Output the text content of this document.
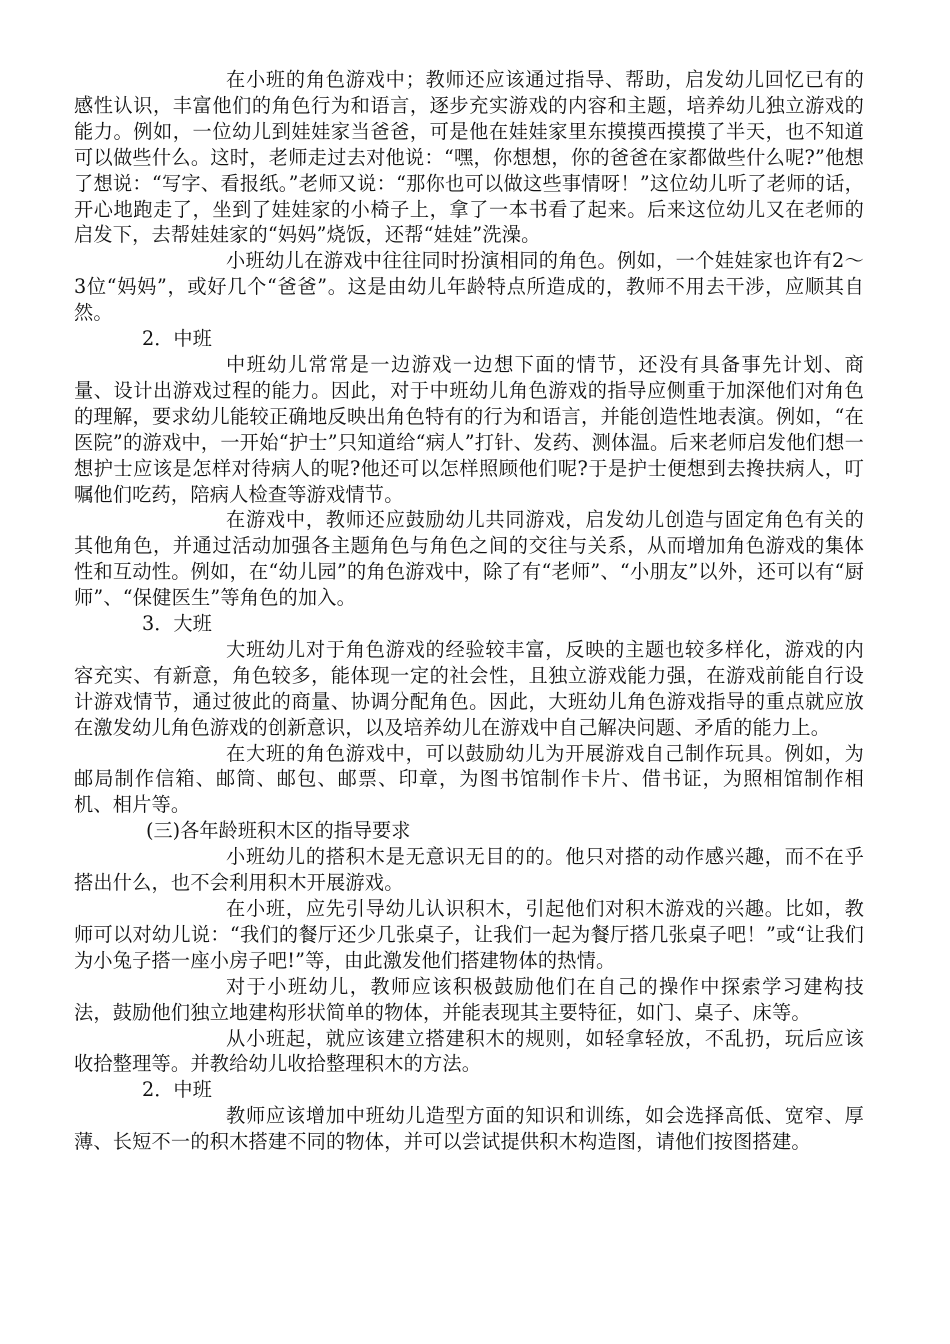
在小班的角色游戏中；教师还应该通过指导、帮助，启发幼儿回忆已有的感性认识，丰富他们的角色行为和语言，逐步充实游戏的内容和主题，培养幼儿独立游戏的能力。例如，一位幼儿到娃娃家当爸爸，可是他在娃娃家里东摸摸西摸摸了半天，也不知道可以做些什么。这时，老师走过去对他说：“嘿，你想想，你的爸爸在家都做些什么呢?”他想了想说：“写字、看报纸。”老师又说：“那你也可以做这些事情呀！”这位幼儿听了老师的话，开心地跑走了，坐到了娃娃家的小椅子上，拿了一本书看了起来。后来这位幼儿又在老师的启发下，去帮娃娃家的“妈妈”烧饭，还帮“娃娃”洗澡。

小班幼儿在游戏中往往同时扮演相同的角色。例如，一个娃娃家也许有2～3位“妈妈”，或好几个“爸爸”。这是由幼儿年龄特点所造成的，教师不用去干涉，应顺其自然。

2．中班

中班幼儿常常是一边游戏一边想下面的情节，还没有具备事先计划、商量、设计出游戏过程的能力。因此，对于中班幼儿角色游戏的指导应侧重于加深他们对角色的理解，要求幼儿能较正确地反映出角色特有的行为和语言，并能创造性地表演。例如，“在医院”的游戏中，一开始“护士”只知道给“病人”打针、发药、测体温。后来老师启发他们想一想护士应该是怎样对待病人的呢?他还可以怎样照顾他们呢?于是护士便想到去搀扶病人，叮嘱他们吃药，陪病人检查等游戏情节。

在游戏中，教师还应鼓励幼儿共同游戏，启发幼儿创造与固定角色有关的其他角色，并通过活动加强各主题角色与角色之间的交往与关系，从而增加角色游戏的集体性和互动性。例如，在“幼儿园”的角色游戏中，除了有“老师”、“小朋友”以外，还可以有“厨师”、“保健医生”等角色的加入。

3．大班

大班幼儿对于角色游戏的经验较丰富，反映的主题也较多样化，游戏的内容充实、有新意，角色较多，能体现一定的社会性，且独立游戏能力强，在游戏前能自行设计游戏情节，通过彼此的商量、协调分配角色。因此，大班幼儿角色游戏指导的重点就应放在激发幼儿角色游戏的创新意识，以及培养幼儿在游戏中自己解决问题、矛盾的能力上。

在大班的角色游戏中，可以鼓励幼儿为开展游戏自己制作玩具。例如，为邮局制作信箱、邮筒、邮包、邮票、印章，为图书馆制作卡片、借书证，为照相馆制作相机、相片等。

(三)各年龄班积木区的指导要求

小班幼儿的搭积木是无意识无目的的。他只对搭的动作感兴趣，而不在乎搭出什么，也不会利用积木开展游戏。

在小班，应先引导幼儿认识积木，引起他们对积木游戏的兴趣。比如，教师可以对幼儿说：“我们的餐厅还少几张桌子，让我们一起为餐厅搭几张桌子吧！”或“让我们为小兔子搭一座小房子吧!”等，由此激发他们搭建物体的热情。

对于小班幼儿，教师应该积极鼓励他们在自己的操作中探索学习建构技法，鼓励他们独立地建构形状简单的物体，并能表现其主要特征，如门、桌子、床等。

从小班起，就应该建立搭建积木的规则，如轻拿轻放，不乱扔，玩后应该收拾整理等。并教给幼儿收拾整理积木的方法。

2．中班

教师应该增加中班幼儿造型方面的知识和训练，如会选择高低、宽窄、厚薄、长短不一的积木搭建不同的物体，并可以尝试提供积木构造图，请他们按图搭建。
